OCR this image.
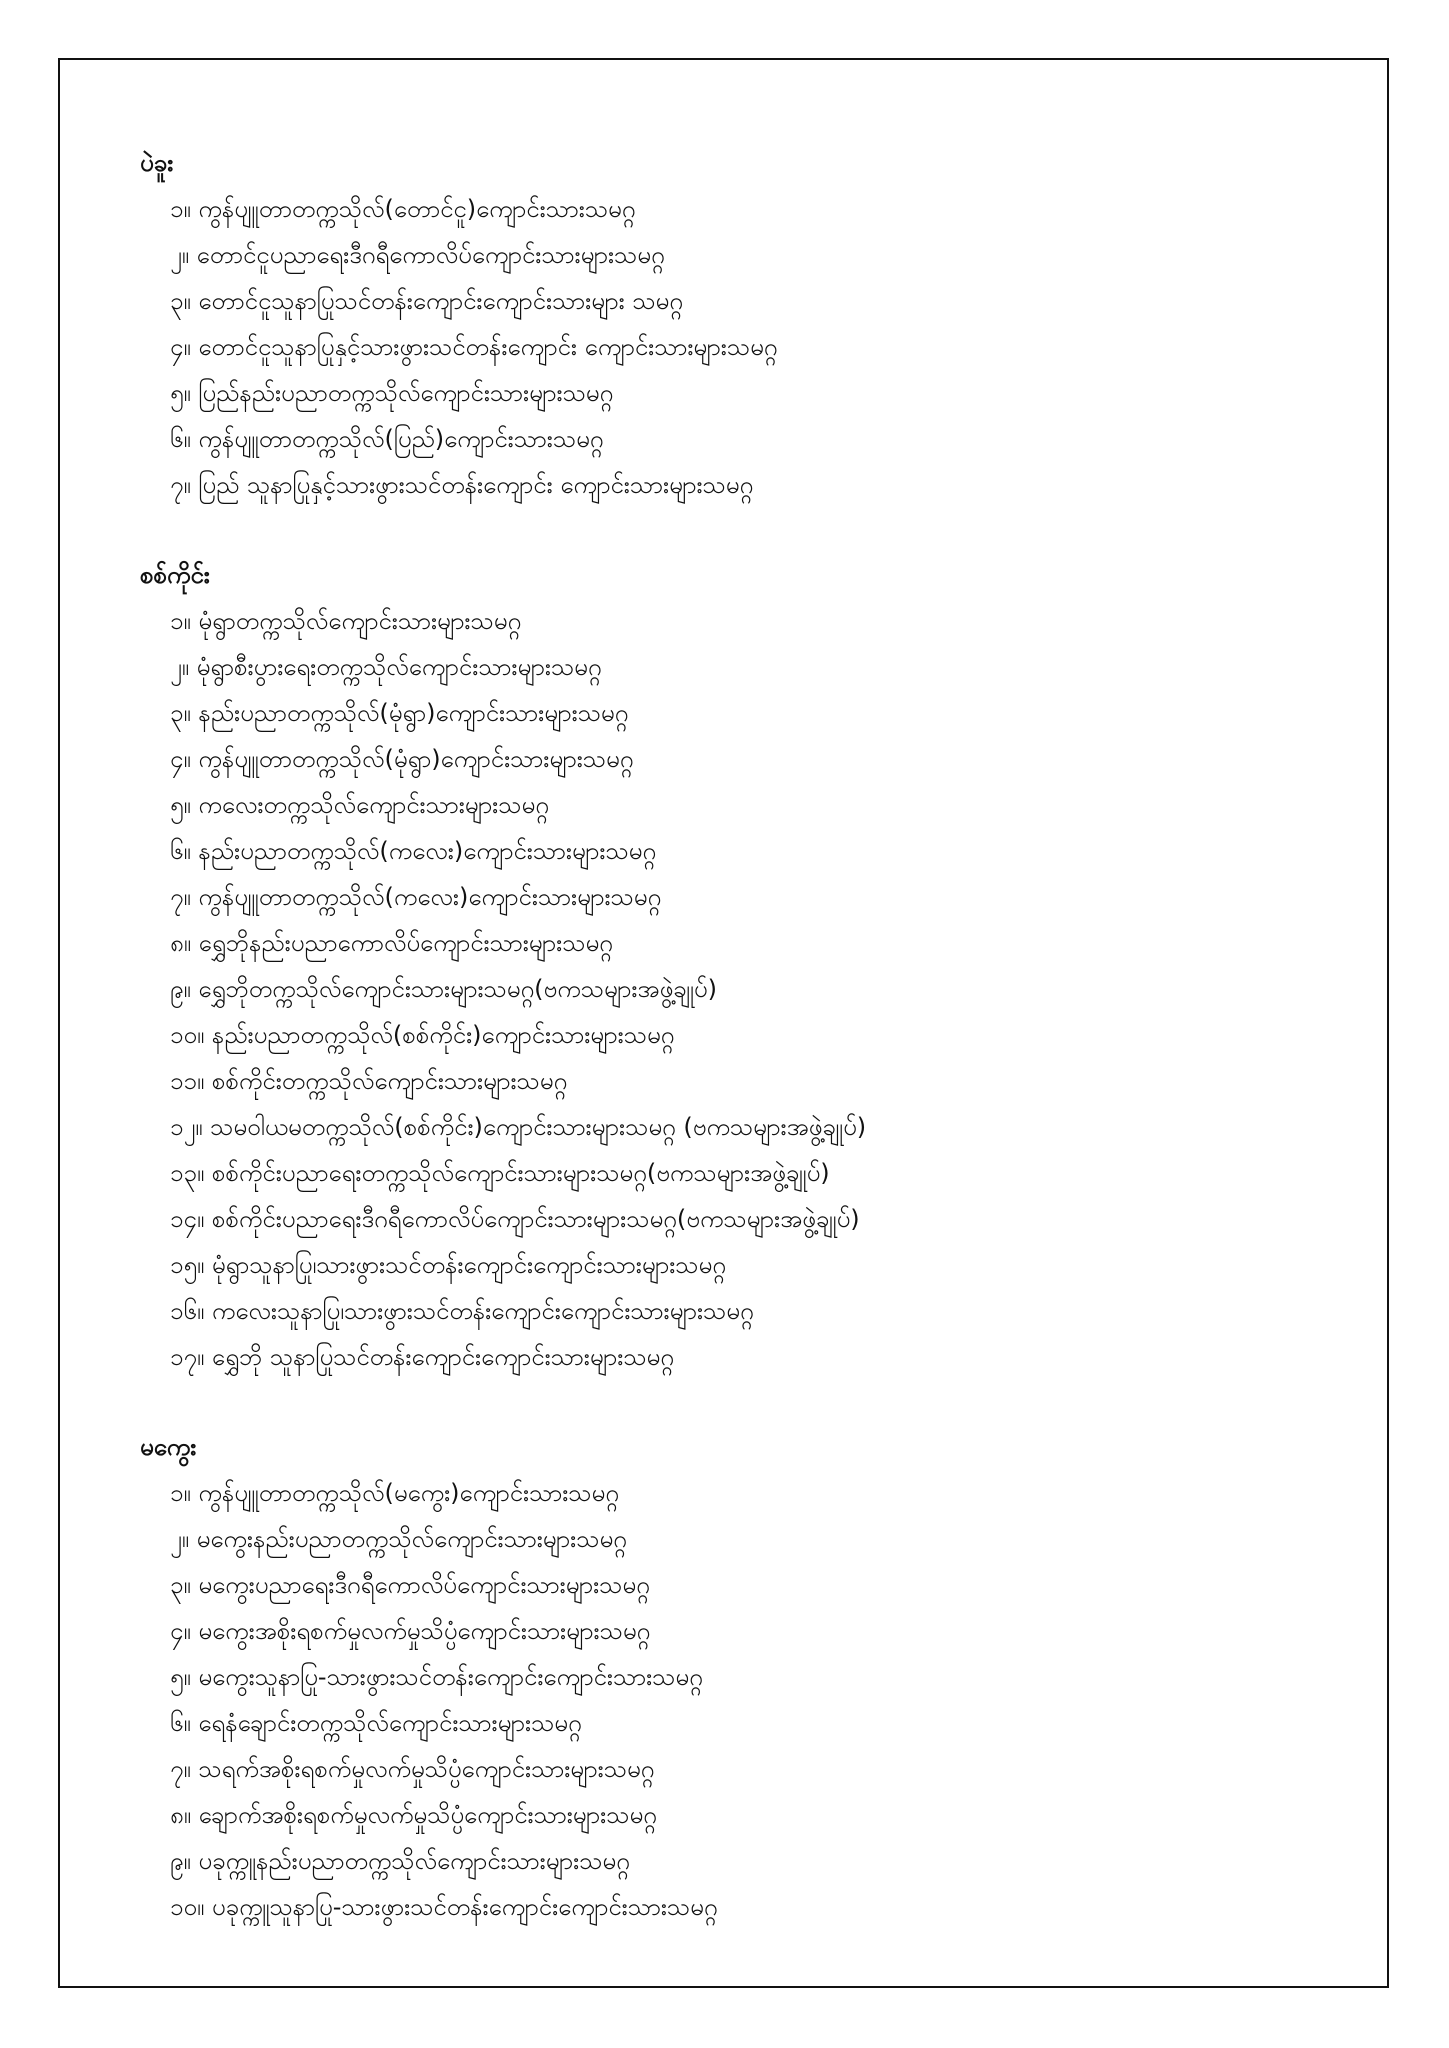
ပဲခူး
၁။ ကွန်ပျူတာတက္ကသိုလ်(တောင်ငူ)ကျောင်းသားသမဂ္ဂ
၂။ တောင်ငူပညာရေးဒီဂရီကောလိပ်ကျောင်းသားများသမဂ္ဂ
၃။ တောင်ငူသူနာပြုသင်တန်းကျောင်းကျောင်းသားများ သမဂ္ဂ
၄။ တောင်ငူသူနာပြုနှင့်သားဖွားသင်တန်းကျောင်း ကျောင်းသားများသမဂ္ဂ
၅။ ပြည်နည်းပညာတက္ကသိုလ်ကျောင်းသားများသမဂ္ဂ
၆။ ကွန်ပျူတာတက္ကသိုလ်(ပြည်)ကျောင်းသားသမဂ္ဂ
၇။ ပြည် သူနာပြုနှင့်သားဖွားသင်တန်းကျောင်း ကျောင်းသားများသမဂ္ဂ
စစ်ကိုင်း
၁။ မုံရွာတက္ကသိုလ်ကျောင်းသားများသမဂ္ဂ
၂။ မုံရွာစီးပွားရေးတက္ကသိုလ်ကျောင်းသားများသမဂ္ဂ
၃။ နည်းပညာတက္ကသိုလ်(မုံရွာ)ကျောင်းသားများသမဂ္ဂ
၄။ ကွန်ပျူတာတက္ကသိုလ်(မုံရွာ)ကျောင်းသားများသမဂ္ဂ
၅။ ကလေးတက္ကသိုလ်ကျောင်းသားများသမဂ္ဂ
၆။ နည်းပညာတက္ကသိုလ်(ကလေး)ကျောင်းသားများသမဂ္ဂ
၇။ ကွန်ပျူတာတက္ကသိုလ်(ကလေး)ကျောင်းသားများသမဂ္ဂ
၈။ ရွှေဘိုနည်းပညာကောလိပ်ကျောင်းသားများသမဂ္ဂ
၉။ ရွှေဘိုတက္ကသိုလ်ကျောင်းသားများသမဂ္ဂ(ဗကသများအဖွဲ့ချုပ်)
၁၀။ နည်းပညာတက္ကသိုလ်(စစ်ကိုင်း)ကျောင်းသားများသမဂ္ဂ
၁၁။ စစ်ကိုင်းတက္ကသိုလ်ကျောင်းသားများသမဂ္ဂ
၁၂။ သမဝါယမတက္ကသိုလ်(စစ်ကိုင်း)ကျောင်းသားများသမဂ္ဂ (ဗကသများအဖွဲ့ချုပ်)
၁၃။ စစ်ကိုင်းပညာရေးတက္ကသိုလ်ကျောင်းသားများသမဂ္ဂ(ဗကသများအဖွဲ့ချုပ်)
၁၄။ စစ်ကိုင်းပညာရေးဒီဂရီကောလိပ်ကျောင်းသားများသမဂ္ဂ(ဗကသများအဖွဲ့ချုပ်)
၁၅။ မုံရွာသူနာပြု၊သားဖွားသင်တန်းကျောင်းကျောင်းသားများသမဂ္ဂ
၁၆။ ကလေးသူနာပြု၊သားဖွားသင်တန်းကျောင်းကျောင်းသားများသမဂ္ဂ
၁၇။ ရွှေဘို သူနာပြုသင်တန်းကျောင်းကျောင်းသားများသမဂ္ဂ
မကွေး
၁။ ကွန်ပျူတာတက္ကသိုလ်(မကွေး)ကျောင်းသားသမဂ္ဂ
၂။ မကွေးနည်းပညာတက္ကသိုလ်ကျောင်းသားများသမဂ္ဂ
၃။ မကွေးပညာရေးဒီဂရီကောလိပ်ကျောင်းသားများသမဂ္ဂ
၄။ မကွေးအစိုးရစက်မှုလက်မှုသိပ္ပံကျောင်းသားများသမဂ္ဂ
၅။ မကွေးသူနာပြု-သားဖွားသင်တန်းကျောင်းကျောင်းသားသမဂ္ဂ
၆။ ရေနံချောင်းတက္ကသိုလ်ကျောင်းသားများသမဂ္ဂ
၇။ သရက်အစိုးရစက်မှုလက်မှုသိပ္ပံကျောင်းသားများသမဂ္ဂ
၈။ ချောက်အစိုးရစက်မှုလက်မှုသိပ္ပံကျောင်းသားများသမဂ္ဂ
၉။ ပခုက္ကူနည်းပညာတက္ကသိုလ်ကျောင်းသားများသမဂ္ဂ
၁၀။ ပခုက္ကူသူနာပြု-သားဖွားသင်တန်းကျောင်းကျောင်းသားသမဂ္ဂ
